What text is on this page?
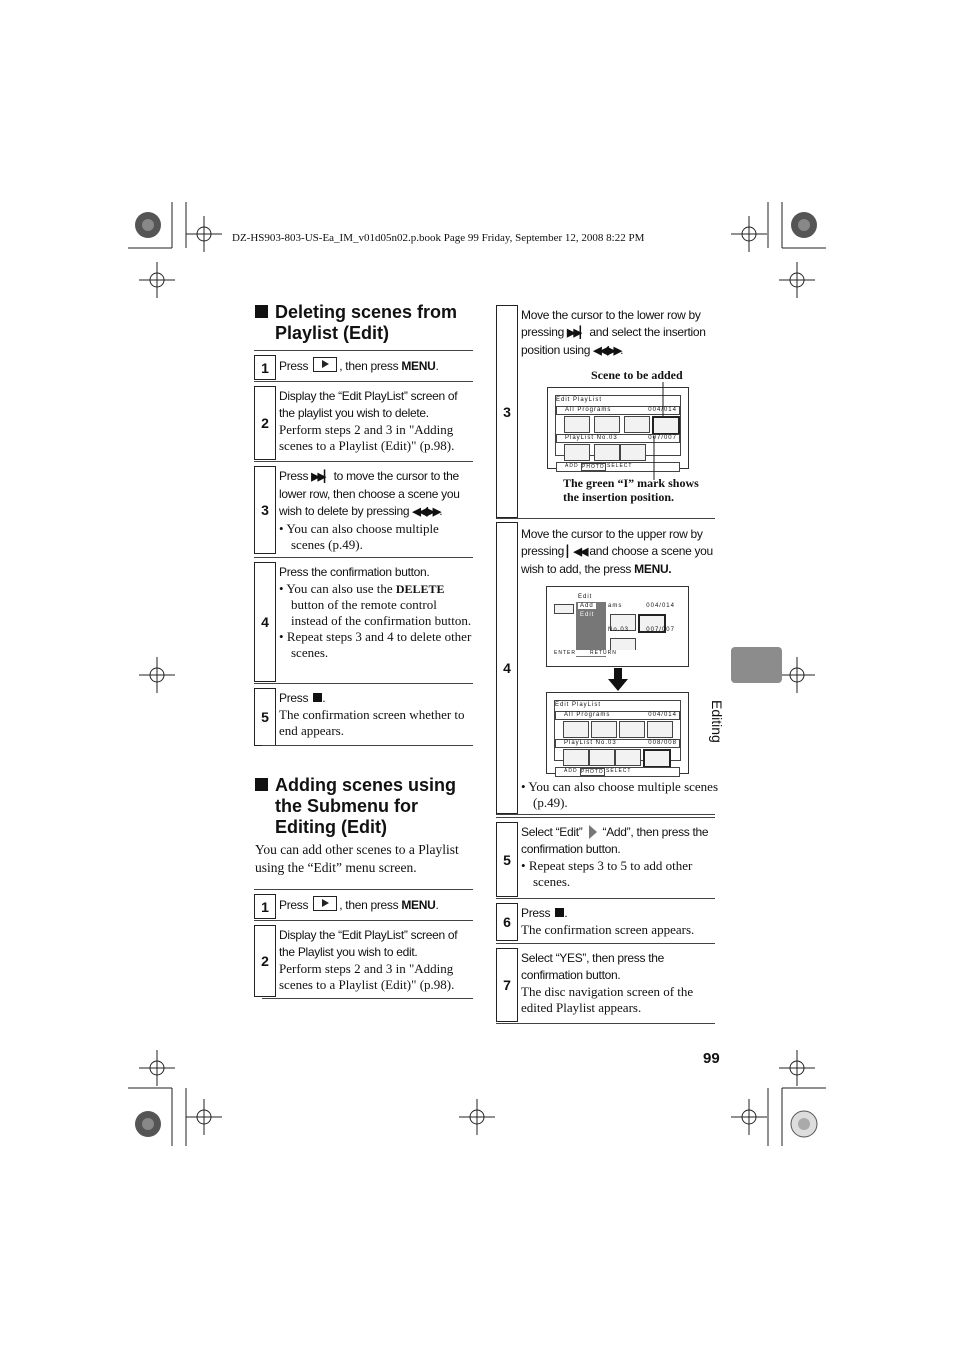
DZ-HS903-803-US-Ea_IM_v01d05n02.p.book Page 99 Friday, September 12, 2008 8:22 PM
Deleting scenes from Playlist (Edit)
1 Press , then press MENU.
2
Display the “Edit PlayList” screen of the playlist you wish to delete.
Perform steps 2 and 3 in "Adding scenes to a Playlist (Edit)" (p.98).
3
Press ▶▶▏ to move the cursor to the lower row, then choose a scene you wish to delete by pressing ◀◀/▶▶.
• You can also choose multiple scenes (p.49).
4
Press the confirmation button.
• You can also use the DELETE button of the remote control instead of the confirmation button.
• Repeat steps 3 and 4 to delete other scenes.
5
Press .
The confirmation screen whether to end appears.
Adding scenes using the Submenu for Editing (Edit)
You can add other scenes to a Playlist using the “Edit” menu screen.
1 Press , then press MENU.
2
Display the “Edit PlayList” screen of the Playlist you wish to edit.
Perform steps 2 and 3 in "Adding scenes to a Playlist (Edit)" (p.98).
3
Move the cursor to the lower row by pressing ▶▶▏ and select the insertion position using ◀◀/▶▶.
Scene to be added
Edit PlayList
All Programs	004/014
PlayList No.03	007/007
ADD PHOTO SELECT
The green “I” mark shows the insertion position.
4
Move the cursor to the upper row by pressing ▏◀◀ and choose a scene you wish to add, the press MENU.
Edit
Add
Edit
ams	004/014
No.03	007/007
ENTER	RETURN
Edit PlayList
All Programs	004/014
PlayList No.03	008/008
ADD PHOTO SELECT
• You can also choose multiple scenes (p.49).
5
Select “Edit”  “Add”, then press the confirmation button.
• Repeat steps 3 to 5 to add other scenes.
6
Press .
The confirmation screen appears.
7
Select “YES”, then press the confirmation button.
The disc navigation screen of the edited Playlist appears.
Editing
99
